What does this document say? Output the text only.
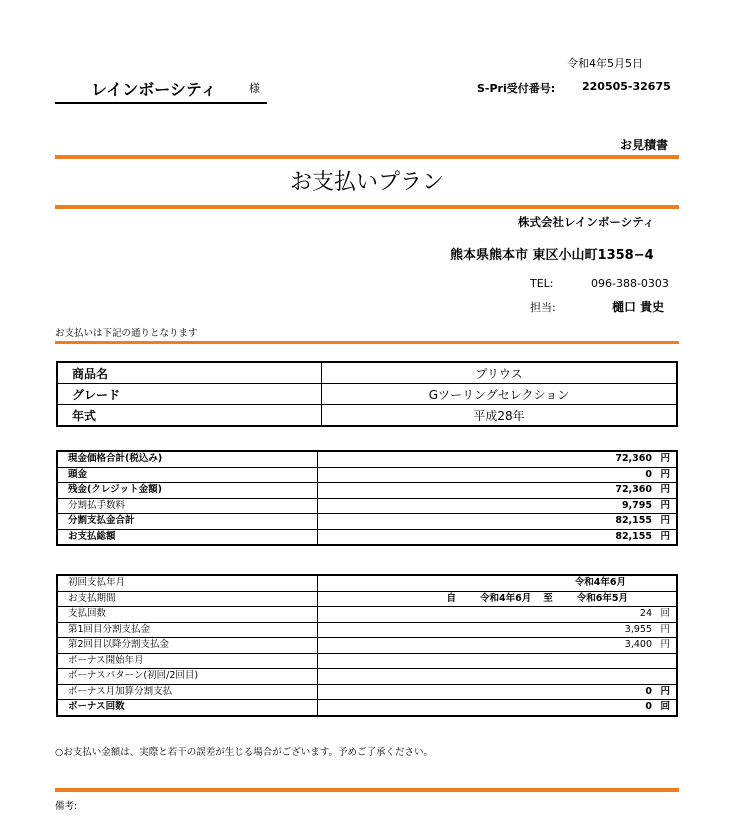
令和4年5月5日
レインボーシティ	様	S-Pri受付番号: 220505-32675
お見積書
お支払いプラン
株式会社レインボーシティ
熊本県熊本市 東区小山町1358−4
TEL:	096-388-0303
担当:	樋口 貴史
お支払いは下記の通りとなります
商品名	プリウス
グレード	Gツーリングセレクション
年式	平成28年
現金価格合計(税込み)	72,360 円

頭金	0 円

残金(クレジット金額)	72,360 円

分割払手数料	9,795 円

分割支払金合計	82,155 円

お支払総額	82,155 円
初回支払年月	令和4年6月
お支払期間	自 令和4年6月 至 令和6年5月
支払回数	24 回

第1回目分割支払金	3,955 円

第2回目以降分割支払金	3,400 円

ボーナス開始年月	
ボーナスパターン(初回/2回目)	
ボーナス月加算分割支払	0 円

ボーナス回数	0 回
○お支払い金額は、実際と若干の誤差が生じる場合がございます。予めご了承ください。
備考:
